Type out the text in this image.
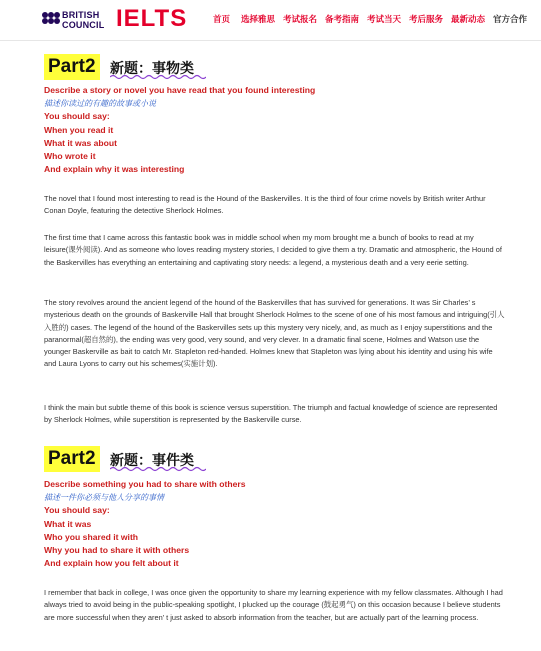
BRITISH
COUNCIL IELTS	首页 选择雅思 考试报名 备考指南 考试当天 考后服务 最新动态 官方合作
Part2 新题：事物类
Describe a story or novel you have read that you found interesting
描述你读过的有趣的故事或小说
You should say:
When you read it
What it was about
Who wrote it
And explain why it was interesting

The novel that I found most interesting to read is the Hound of the Baskervilles. It is the third of four crime novels by British writer Arthur Conan Doyle, featuring the detective Sherlock Holmes.

The first time that I came across this fantastic book was in middle school when my mom brought me a bunch of books to read at my leisure(课外阅读). And as someone who loves reading mystery stories, I decided to give them a try. Dramatic and atmospheric, the Hound of the Baskervilles has everything an entertaining and captivating story needs: a legend, a mysterious death and a very eerie setting.

The story revolves around the ancient legend of the hound of the Baskervilles that has survived for generations. It was Sir Charles’ s mysterious death on the grounds of Baskerville Hall that brought Sherlock Holmes to the scene of one of his most famous and intriguing(引人入胜的) cases. The legend of the hound of the Baskervilles sets up this mystery very nicely, and, as much as I enjoy superstitions and the paranormal(超自然的), the ending was very good, very sound, and very clever. In a dramatic final scene, Holmes and Watson use the younger Baskerville as bait to catch Mr. Stapleton red-handed. Holmes knew that Stapleton was lying about his identity and using his wife and Laura Lyons to carry out his schemes(实施计划).

I think the main but subtle theme of this book is science versus superstition. The triumph and factual knowledge of science are represented by Sherlock Holmes, while superstition is represented by the Baskerville curse.

Part2 新题：事件类
Describe something you had to share with others
描述一件你必须与他人分享的事情
You should say:
What it was
Who you shared it with
Why you had to share it with others
And explain how you felt about it

I remember that back in college, I was once given the opportunity to share my learning experience with my fellow classmates. Although I had always tried to avoid being in the public-speaking spotlight, I plucked up the courage (鼓起勇气) on this occasion because I believe students are more successful when they aren’ t just asked to absorb information from the teacher, but are actually part of the learning process.
